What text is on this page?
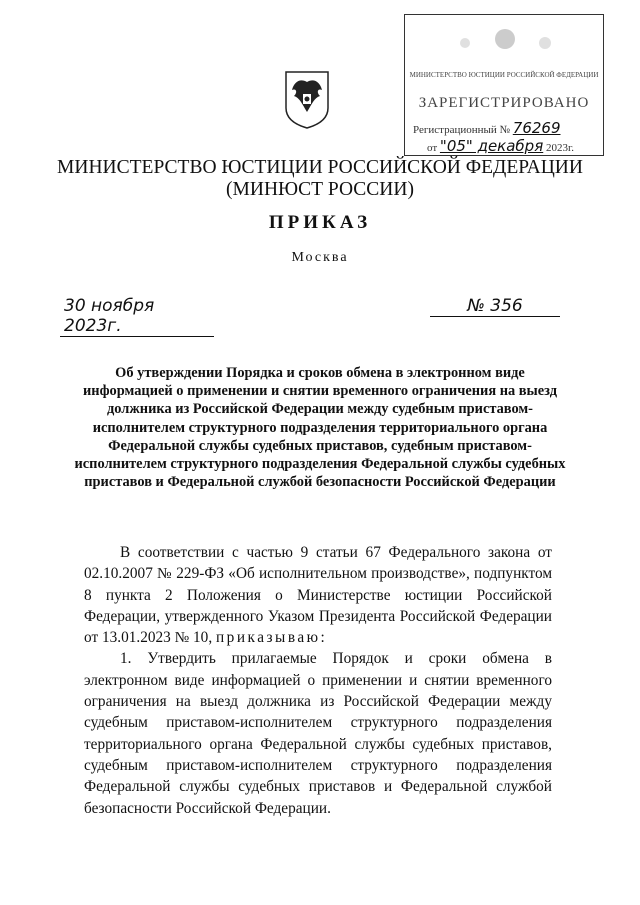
МИНИСТЕРСТВО ЮСТИЦИИ РОССИЙСКОЙ ФЕДЕРАЦИИ
ЗАРЕГИСТРИРОВАНО
Регистрационный № 76269
от "05" декабря 2023г.
МИНИСТЕРСТВО ЮСТИЦИИ РОССИЙСКОЙ ФЕДЕРАЦИИ
(МИНЮСТ РОССИИ)
ПРИКАЗ
Москва
30 ноября 2023г.
№ 356
Об утверждении Порядка и сроков обмена в электронном виде информацией о применении и снятии временного ограничения на выезд должника из Российской Федерации между судебным приставом-исполнителем структурного подразделения территориального органа Федеральной службы судебных приставов, судебным приставом-исполнителем структурного подразделения Федеральной службы судебных приставов и Федеральной службой безопасности Российской Федерации

В соответствии с частью 9 статьи 67 Федерального закона от 02.10.2007 № 229-ФЗ «Об исполнительном производстве», подпунктом 8 пункта 2 Положения о Министерстве юстиции Российской Федерации, утвержденного Указом Президента Российской Федерации от 13.01.2023 № 10, приказываю:

1. Утвердить прилагаемые Порядок и сроки обмена в электронном виде информацией о применении и снятии временного ограничения на выезд должника из Российской Федерации между судебным приставом-исполнителем структурного подразделения территориального органа Федеральной службы судебных приставов, судебным приставом-исполнителем структурного подразделения Федеральной службы судебных приставов и Федеральной службой безопасности Российской Федерации.
